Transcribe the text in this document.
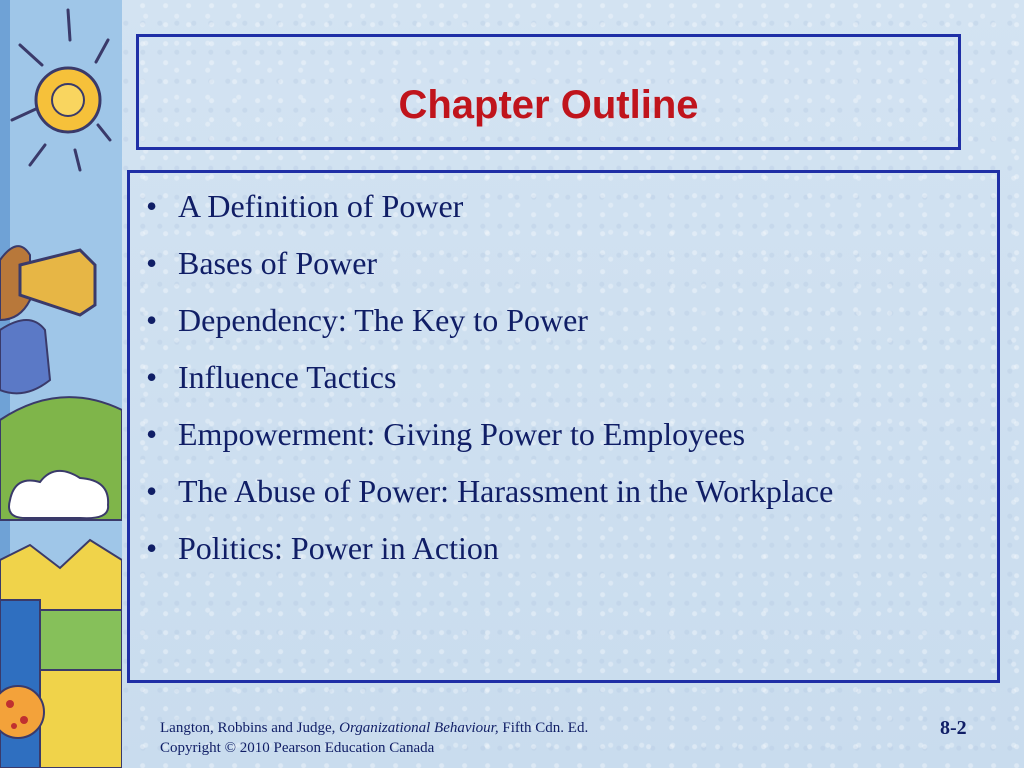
Chapter Outline
• A Definition of Power
• Bases of Power
• Dependency: The Key to Power
• Influence Tactics
• Empowerment: Giving Power to Employees
• The Abuse of Power: Harassment in the Workplace
• Politics: Power in Action
Langton, Robbins and Judge, Organizational Behaviour, Fifth Cdn. Ed.
Copyright © 2010 Pearson Education Canada
8-2
